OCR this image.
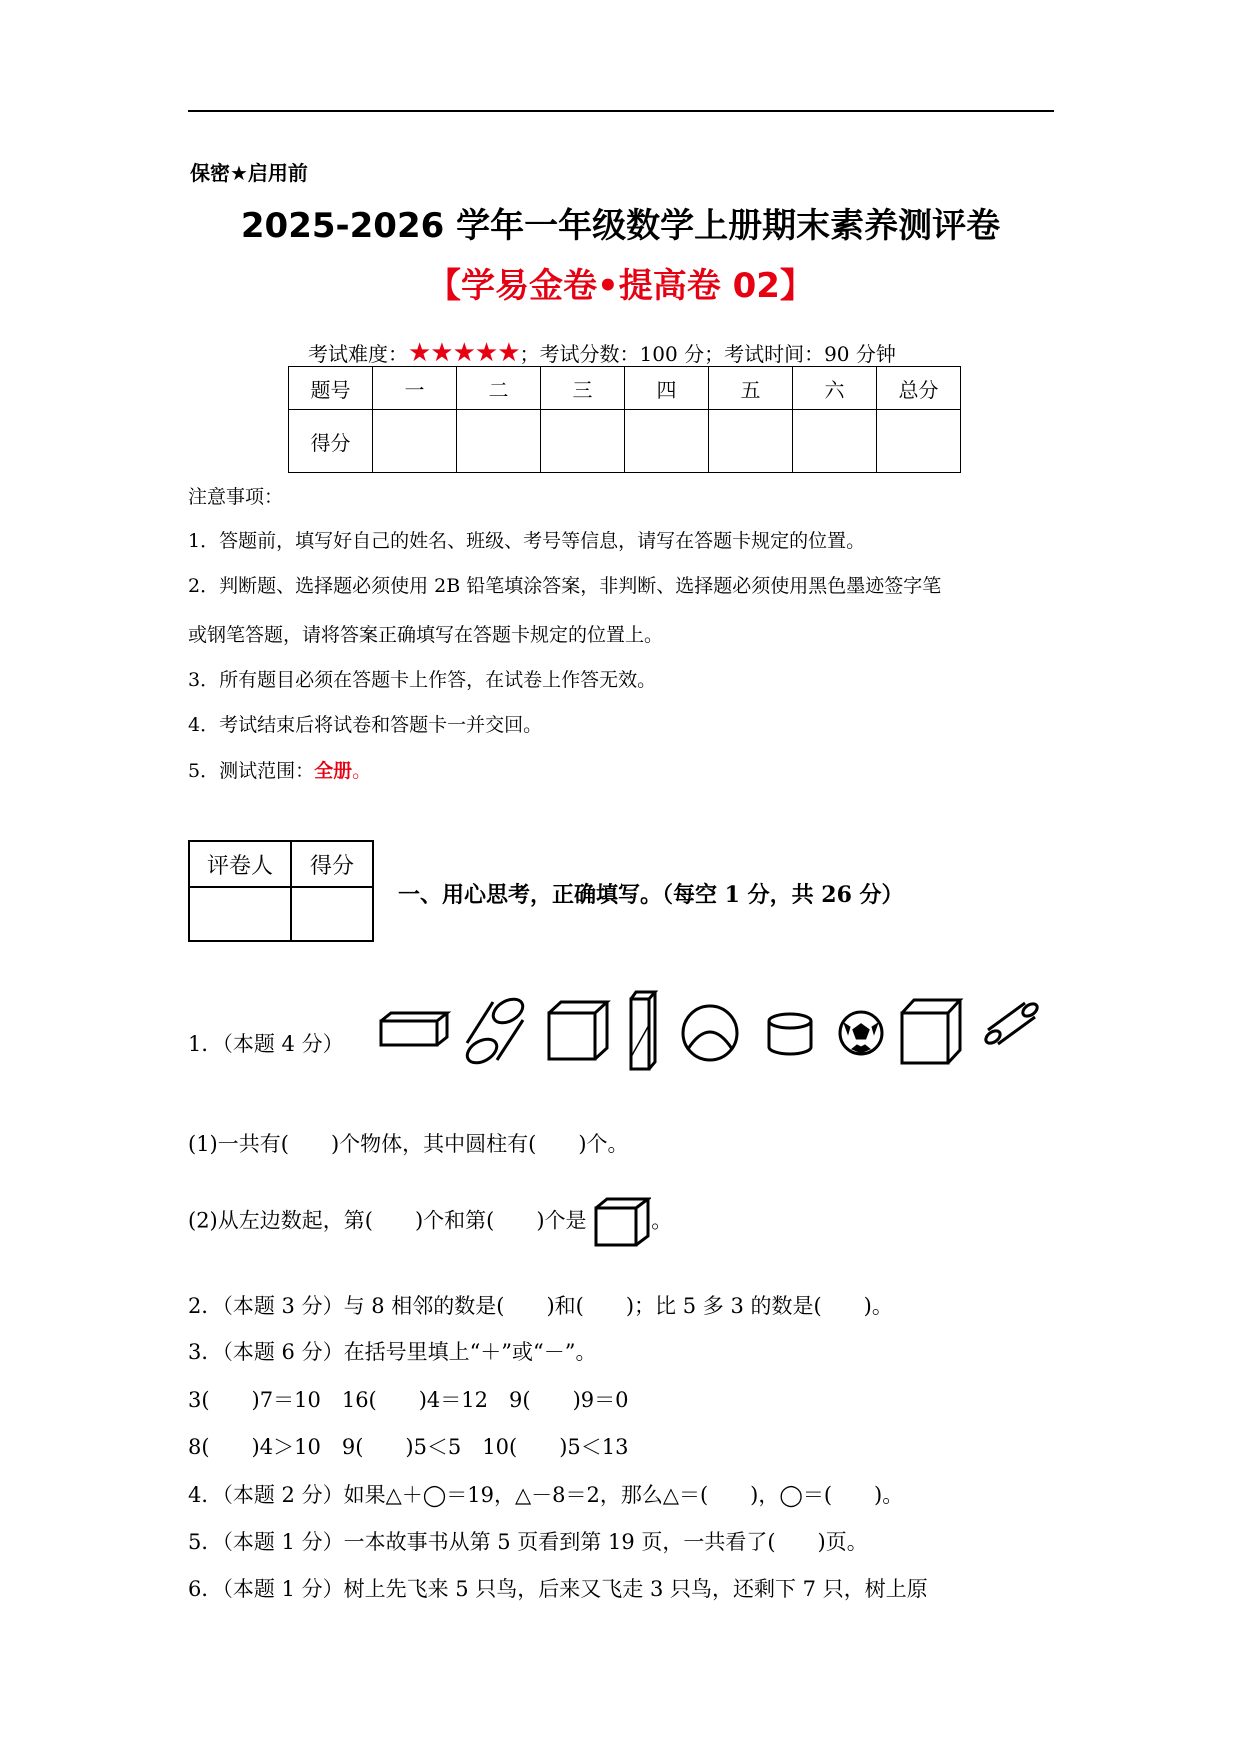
保密★启用前
2025-2026 学年一年级数学上册期末素养测评卷
【学易金卷•提高卷 02】
考试难度：★★★★★；考试分数：100 分；考试时间：90 分钟
题号	一	二	三	四	五	六	总分
得分							
注意事项：
1．答题前，填写好自己的姓名、班级、考号等信息，请写在答题卡规定的位置。
2．判断题、选择题必须使用 2B 铅笔填涂答案，非判断、选择题必须使用黑色墨迹签字笔
或钢笔答题，请将答案正确填写在答题卡规定的位置上。
3．所有题目必须在答题卡上作答，在试卷上作答无效。
4．考试结束后将试卷和答题卡一并交回。
5．测试范围：全册。
评卷人	得分

一、用心思考，正确填写。（每空 1 分，共 26 分）
1．（本题 4 分）
(1)一共有(　　)个物体，其中圆柱有(　　)个。
(2)从左边数起，第(　　)个和第(　　)个是	。
2．（本题 3 分）与 8 相邻的数是(　　)和(　　)；比 5 多 3 的数是(　　)。
3．（本题 6 分）在括号里填上“＋”或“－”。
3(　　)7＝10　16(　　)4＝12　9(　　)9＝0
8(　　)4＞10　9(　　)5＜5　10(　　)5＜13
4．（本题 2 分）如果△＋◯＝19，△－8＝2，那么△＝(　　)，◯＝(　　)。
5．（本题 1 分）一本故事书从第 5 页看到第 19 页，一共看了(　　)页。
6．（本题 1 分）树上先飞来 5 只鸟，后来又飞走 3 只鸟，还剩下 7 只，树上原
